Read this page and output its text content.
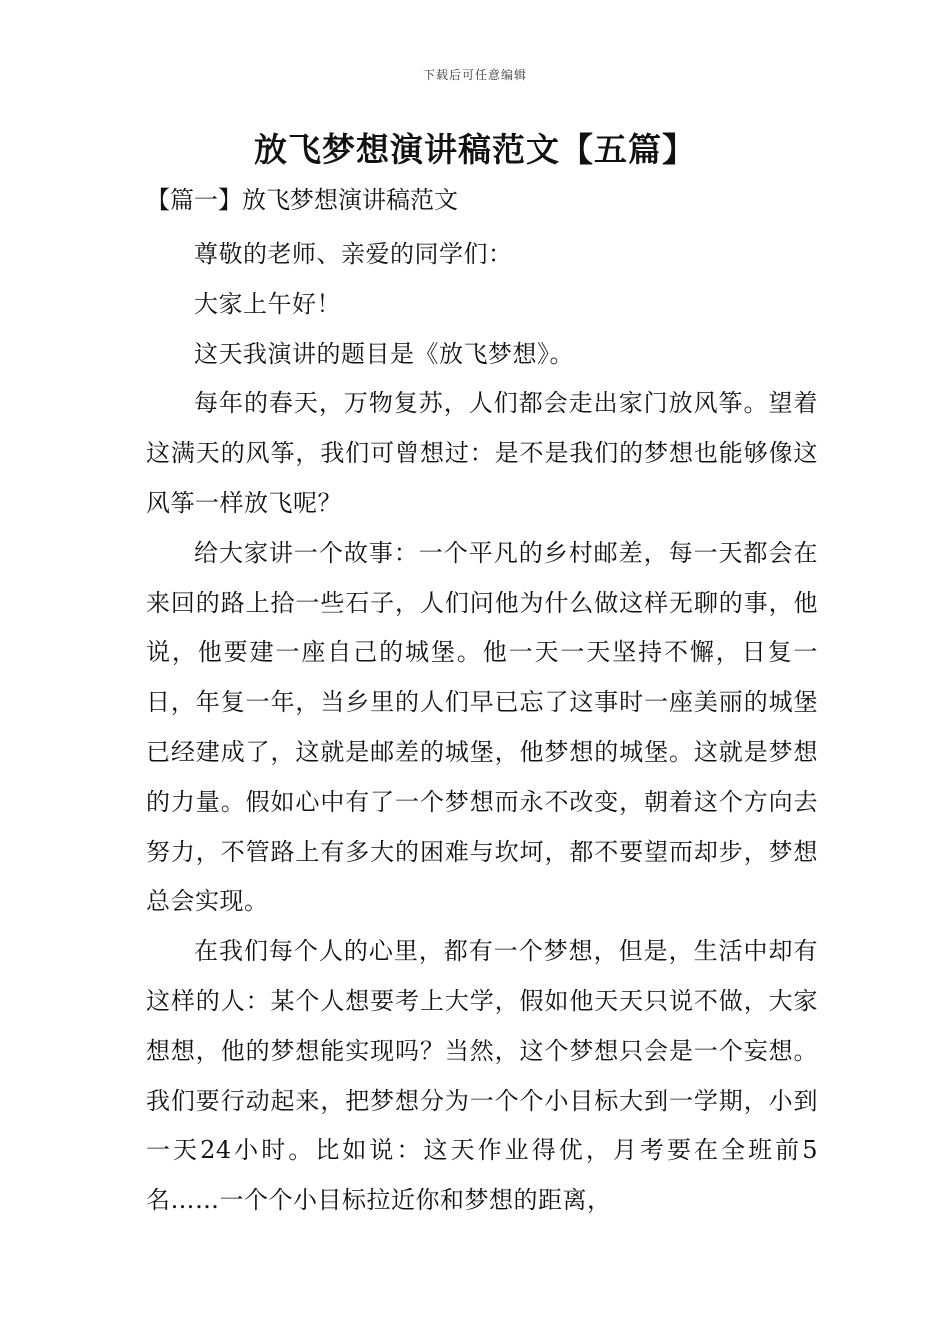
下载后可任意编辑
放飞梦想演讲稿范文【五篇】
【篇一】放飞梦想演讲稿范文

尊敬的老师、亲爱的同学们：

大家上午好！

这天我演讲的题目是《放飞梦想》。

每年的春天，万物复苏，人们都会走出家门放风筝。望着这满天的风筝，我们可曾想过：是不是我们的梦想也能够像这风筝一样放飞呢？

给大家讲一个故事：一个平凡的乡村邮差，每一天都会在来回的路上拾一些石子，人们问他为什么做这样无聊的事，他说，他要建一座自己的城堡。他一天一天坚持不懈，日复一日，年复一年，当乡里的人们早已忘了这事时一座美丽的城堡已经建成了，这就是邮差的城堡，他梦想的城堡。这就是梦想的力量。假如心中有了一个梦想而永不改变，朝着这个方向去努力，不管路上有多大的困难与坎坷，都不要望而却步，梦想总会实现。

在我们每个人的心里，都有一个梦想，但是，生活中却有这样的人：某个人想要考上大学，假如他天天只说不做，大家想想，他的梦想能实现吗？当然，这个梦想只会是一个妄想。我们要行动起来，把梦想分为一个个小目标大到一学期，小到一天24小时。比如说：这天作业得优，月考要在全班前5名……一个个小目标拉近你和梦想的距离，
